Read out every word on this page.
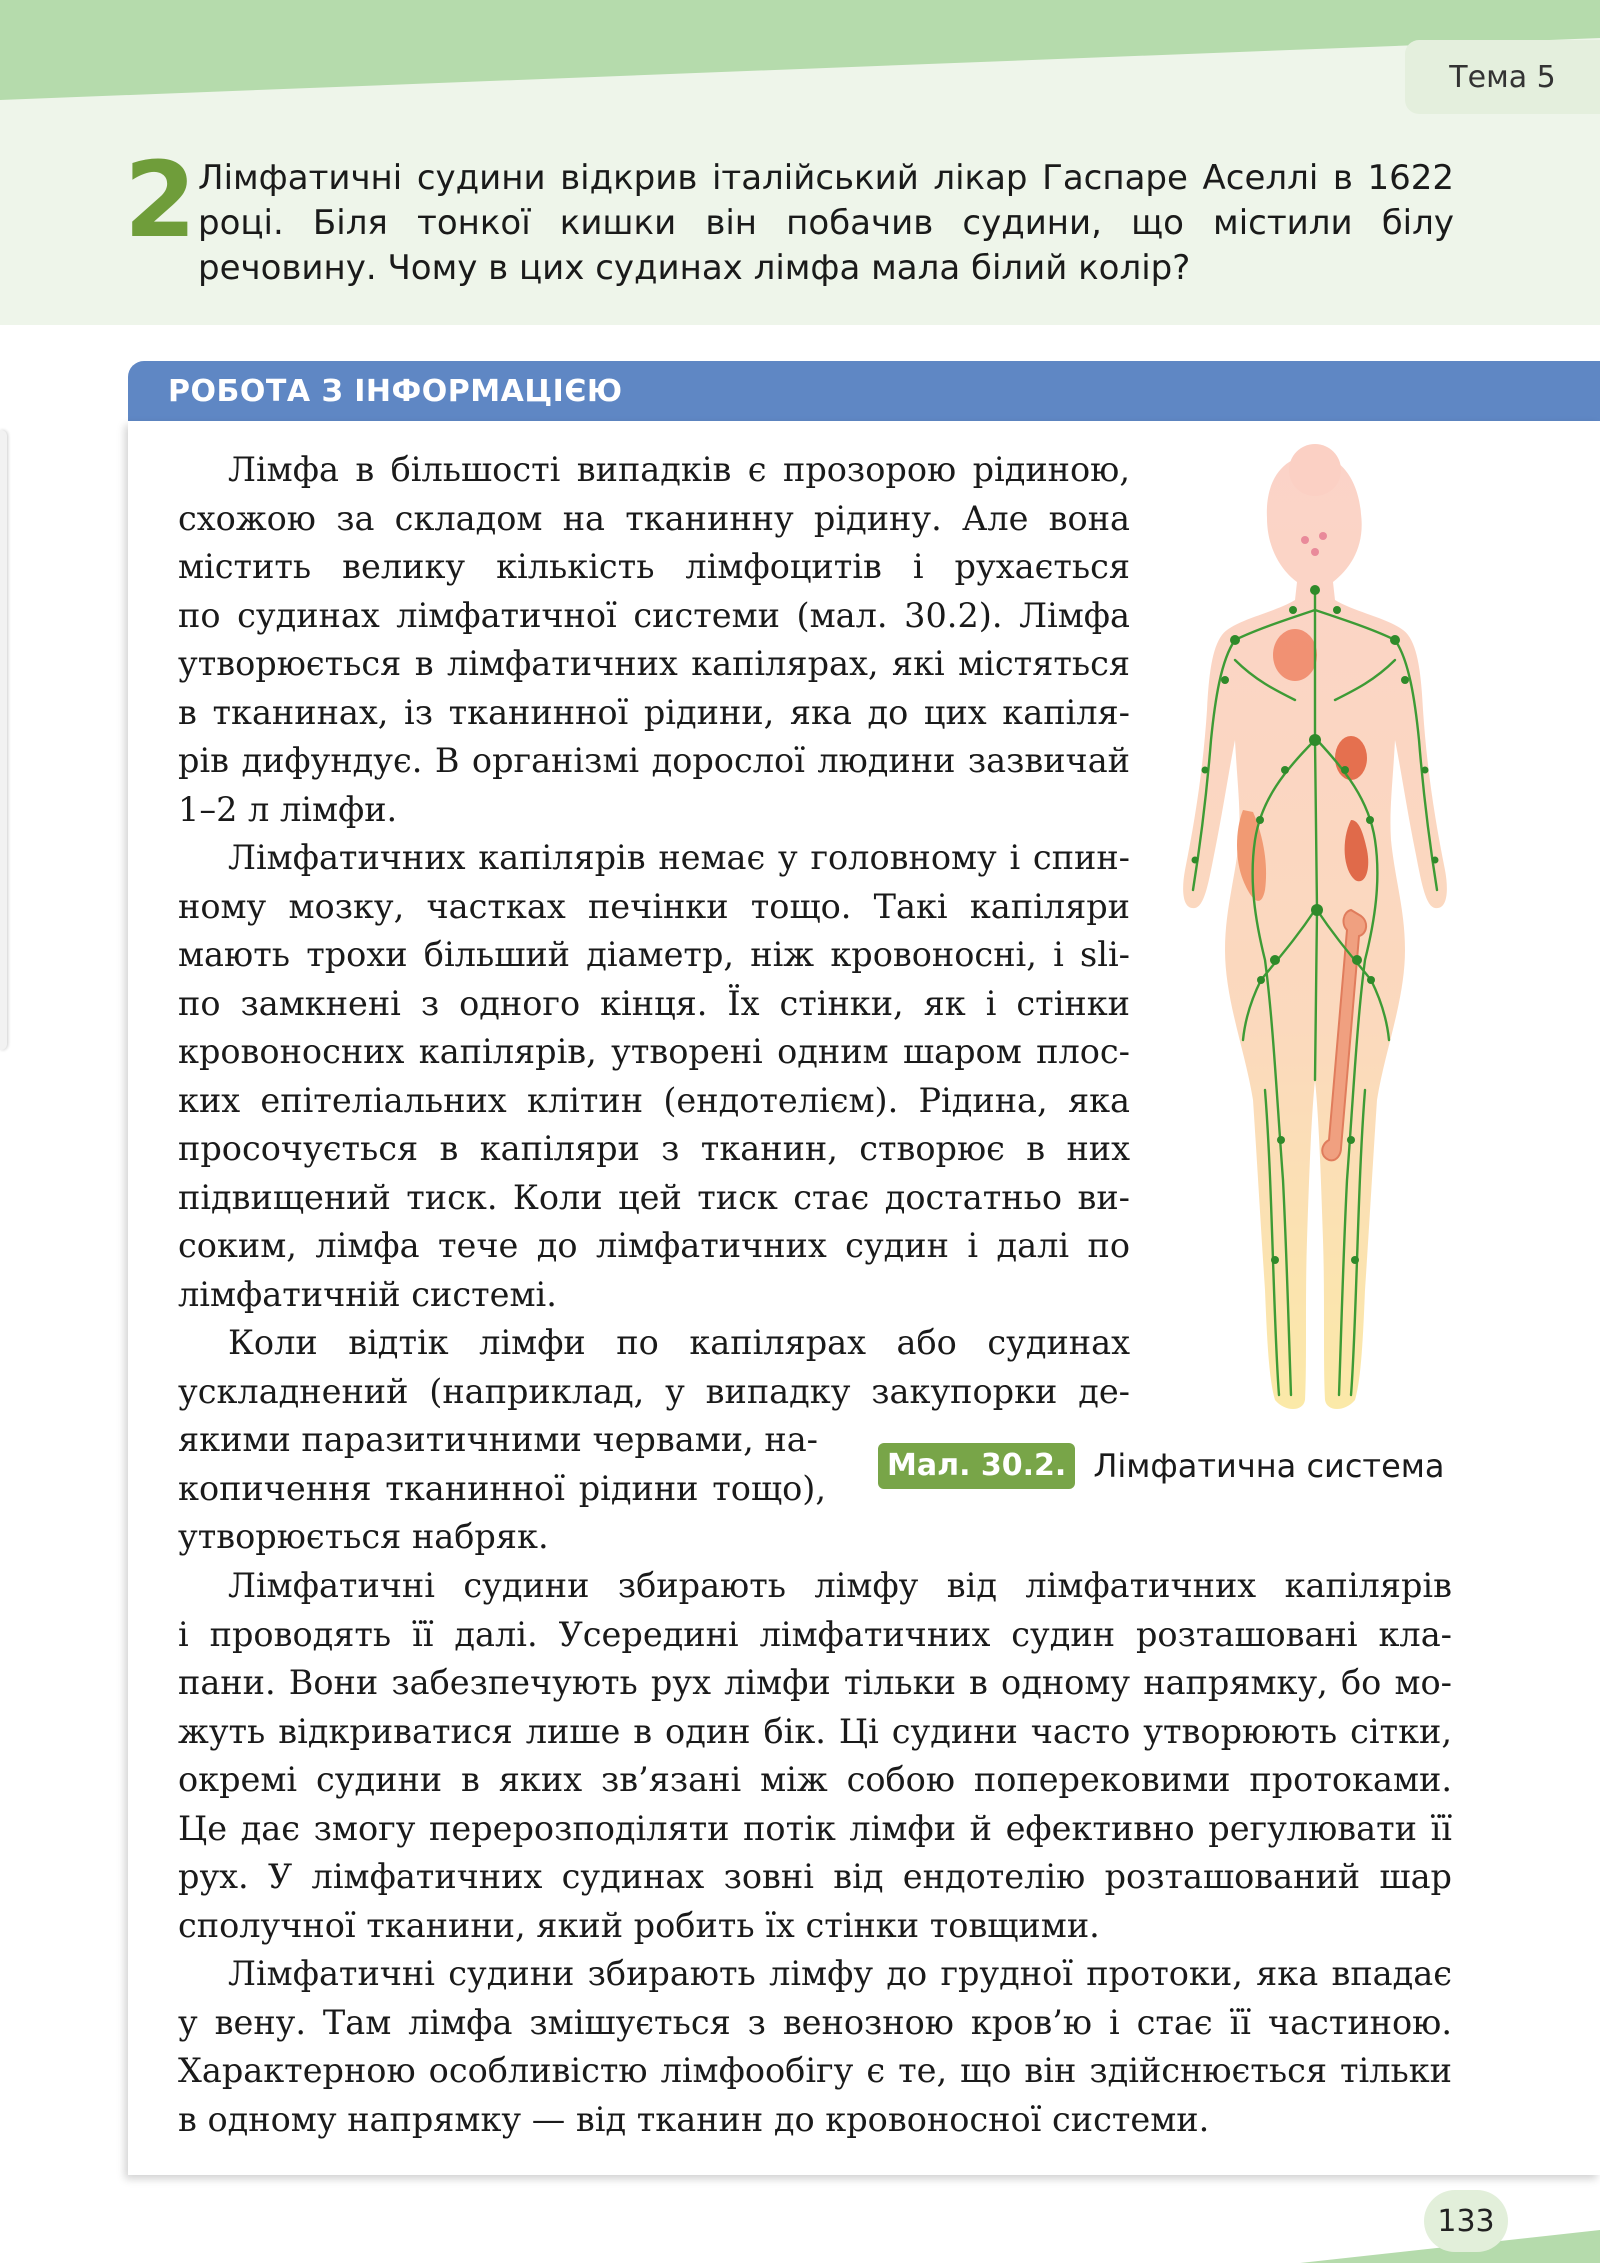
Тема 5
2 Лімфатичні судини відкрив італійський лікар Гаспаре Аселлі в 1622 році. Біля тонкої кишки він побачив судини, що містили білу речовину. Чому в цих судинах лімфа мала білий колір?
РОБОТА З ІНФОРМАЦІЄЮ
Лімфа в більшості випадків є прозорою рідиною,
схожою за складом на тканинну рідину. Але вона
містить велику кількість лімфоцитів і рухається
по судинах лімфатичної системи (мал. 30.2). Лімфа
утворюється в лімфатичних капілярах, які містяться
в тканинах, із тканинної рідини, яка до цих капіля-
рів дифундує. В організмі дорослої людини зазвичай
1–2 л лімфи.
Лімфатичних капілярів немає у головному і спин-
ному мозку, частках печінки тощо. Такі капіляри
мають трохи більший діаметр, ніж кровоносні, і slі-
по замкнені з одного кінця. Їх стінки, як і стінки
кровоносних капілярів, утворені одним шаром плос-
ких епітеліальних клітин (ендотелієм). Рідина, яка
просочується в капіляри з тканин, створює в них
підвищений тиск. Коли цей тиск стає достатньо ви-
соким, лімфа тече до лімфатичних судин і далі по
лімфатичній системі.
Коли відтік лімфи по капілярах або судинах
ускладнений (наприклад, у випадку закупорки де-
якими паразитичними червами, на-
копичення тканинної рідини тощо),
утворюється набряк.
Лімфатичні судини збирають лімфу від лімфатичних капілярів
і проводять її далі. Усередині лімфатичних судин розташовані кла-
пани. Вони забезпечують рух лімфи тільки в одному напрямку, бо мо-
жуть відкриватися лише в один бік. Ці судини часто утворюють сітки,
окремі судини в яких зв’язані між собою поперековими протоками.
Це дає змогу перерозподіляти потік лімфи й ефективно регулювати її
рух. У лімфатичних судинах зовні від ендотелію розташований шар
сполучної тканини, який робить їх стінки товщими.
Лімфатичні судини збирають лімфу до грудної протоки, яка впадає
у вену. Там лімфа змішується з венозною кров’ю і стає її частиною.
Характерною особливістю лімфообігу є те, що він здійснюється тільки
в одному напрямку — від тканин до кровоносної системи.
Мал. 30.2. Лімфатична система
133
